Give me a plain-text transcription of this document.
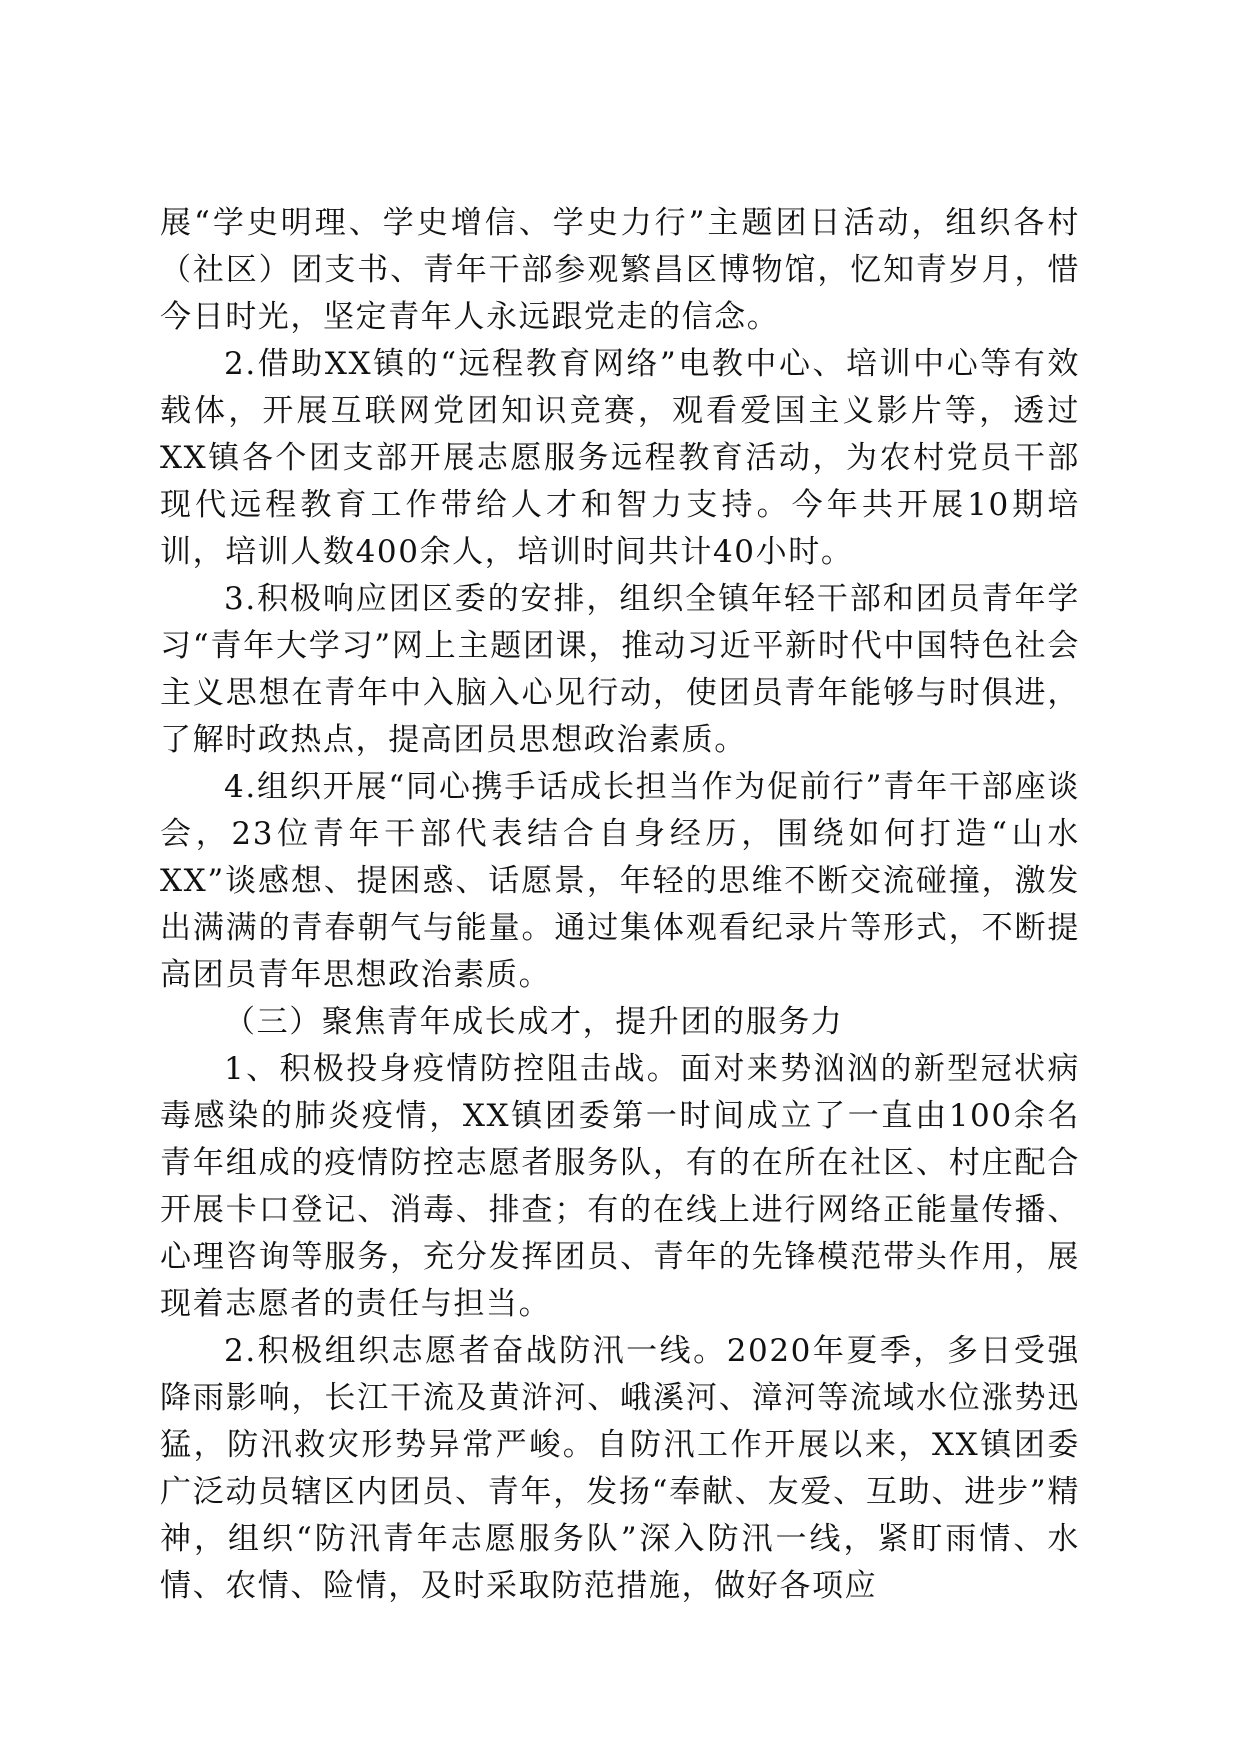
展“学史明理、学史增信、学史力行”主题团日活动，组织各村（社区）团支书、青年干部参观繁昌区博物馆，忆知青岁月，惜今日时光，坚定青年人永远跟党走的信念。

2.借助XX镇的“远程教育网络”电教中心、培训中心等有效载体，开展互联网党团知识竞赛，观看爱国主义影片等，透过XX镇各个团支部开展志愿服务远程教育活动，为农村党员干部现代远程教育工作带给人才和智力支持。今年共开展10期培训，培训人数400余人，培训时间共计40小时。

3.积极响应团区委的安排，组织全镇年轻干部和团员青年学习“青年大学习”网上主题团课，推动习近平新时代中国特色社会主义思想在青年中入脑入心见行动，使团员青年能够与时俱进，了解时政热点，提高团员思想政治素质。

4.组织开展“同心携手话成长担当作为促前行”青年干部座谈会，23位青年干部代表结合自身经历，围绕如何打造“山水XX”谈感想、提困惑、话愿景，年轻的思维不断交流碰撞，激发出满满的青春朝气与能量。通过集体观看纪录片等形式，不断提高团员青年思想政治素质。

（三）聚焦青年成长成才，提升团的服务力

1、积极投身疫情防控阻击战。面对来势汹汹的新型冠状病毒感染的肺炎疫情，XX镇团委第一时间成立了一直由100余名青年组成的疫情防控志愿者服务队，有的在所在社区、村庄配合开展卡口登记、消毒、排查；有的在线上进行网络正能量传播、心理咨询等服务，充分发挥团员、青年的先锋模范带头作用，展现着志愿者的责任与担当。

2.积极组织志愿者奋战防汛一线。2020年夏季，多日受强降雨影响，长江干流及黄浒河、峨溪河、漳河等流域水位涨势迅猛，防汛救灾形势异常严峻。自防汛工作开展以来，XX镇团委广泛动员辖区内团员、青年，发扬“奉献、友爱、互助、进步”精神，组织“防汛青年志愿服务队”深入防汛一线，紧盯雨情、水情、农情、险情，及时采取防范措施，做好各项应
